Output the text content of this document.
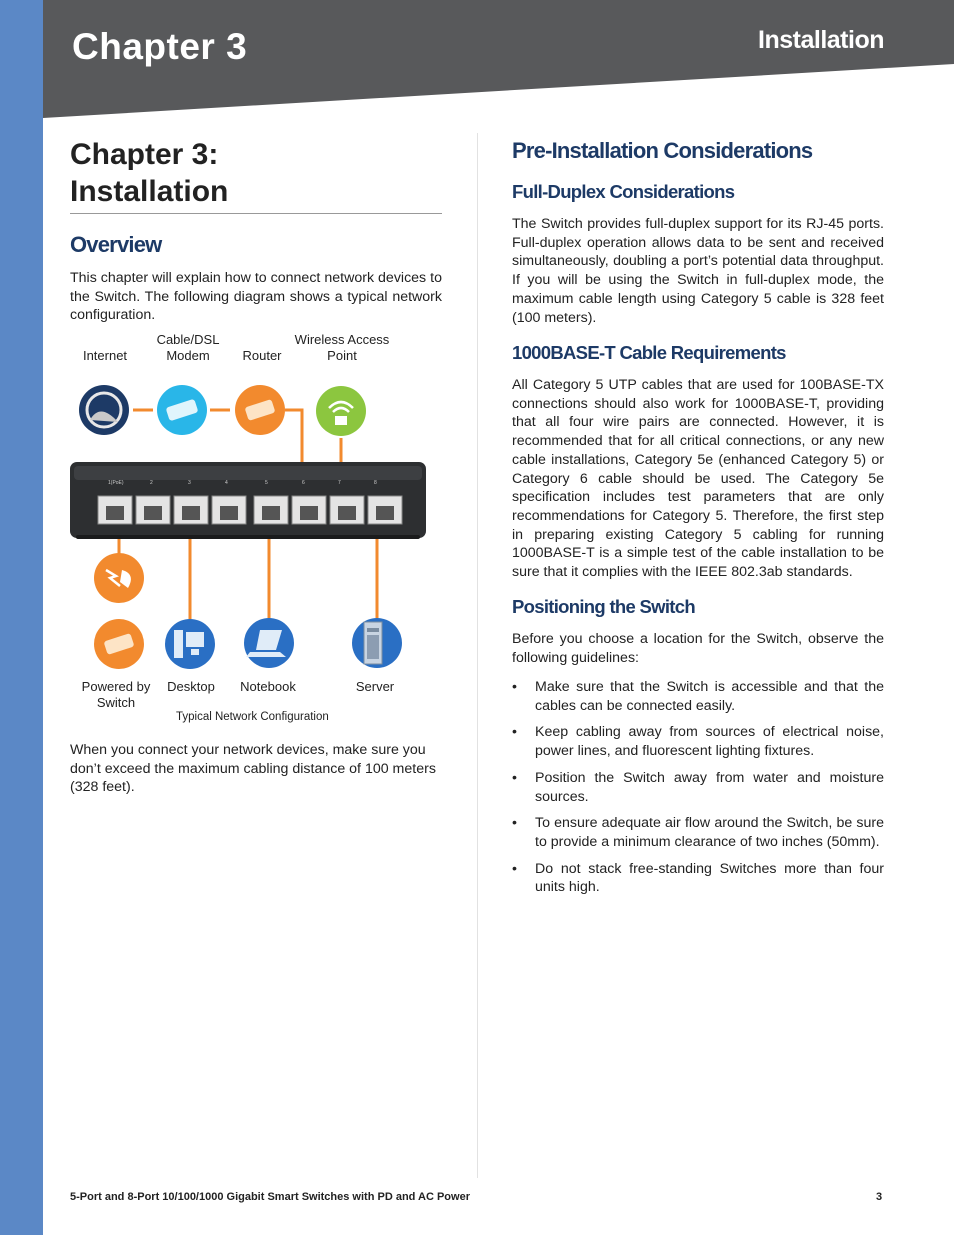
Chapter 3	Installation
Chapter 3:
Installation
Overview

This chapter will explain how to connect network devices to the Switch. The following diagram shows a typical network configuration.

Internet
Cable/DSL
Modem	Router
Wireless Access
Point
1(PoE)	2	3	4	5	6	7	8
Powered by
Switch
Desktop	Notebook	Server
Typical Network Configuration

When you connect your network devices, make sure you don’t exceed the maximum cabling distance of 100 meters (328 feet).

Pre-Installation Considerations
Full-Duplex Considerations

The Switch provides full-duplex support for its RJ-45 ports. Full-duplex operation allows data to be sent and received simultaneously, doubling a port’s potential data throughput. If you will be using the Switch in full-duplex mode, the maximum cable length using Category 5 cable is 328 feet (100 meters).

1000BASE-T Cable Requirements

All Category 5 UTP cables that are used for 100BASE-TX connections should also work for 1000BASE-T, providing that all four wire pairs are connected. However, it is recommended that for all critical connections, or any new cable installations, Category 5e (enhanced Category 5) or Category 6 cable should be used. The Category 5e specification includes test parameters that are only recommendations for Category 5. Therefore, the first step in preparing existing Category 5 cabling for running 1000BASE-T is a simple test of the cable installation to be sure that it complies with the IEEE 802.3ab standards.

Positioning the Switch

Before you choose a location for the Switch, observe the following guidelines:

• Make sure that the Switch is accessible and that the cables can be connected easily.
• Keep cabling away from sources of electrical noise, power lines, and fluorescent lighting fixtures.
• Position the Switch away from water and moisture sources.
• To ensure adequate air flow around the Switch, be sure to provide a minimum clearance of two inches (50mm).
• Do not stack free-standing Switches more than four units high.
5-Port and 8-Port 10/100/1000 Gigabit Smart Switches with PD and AC Power	3
